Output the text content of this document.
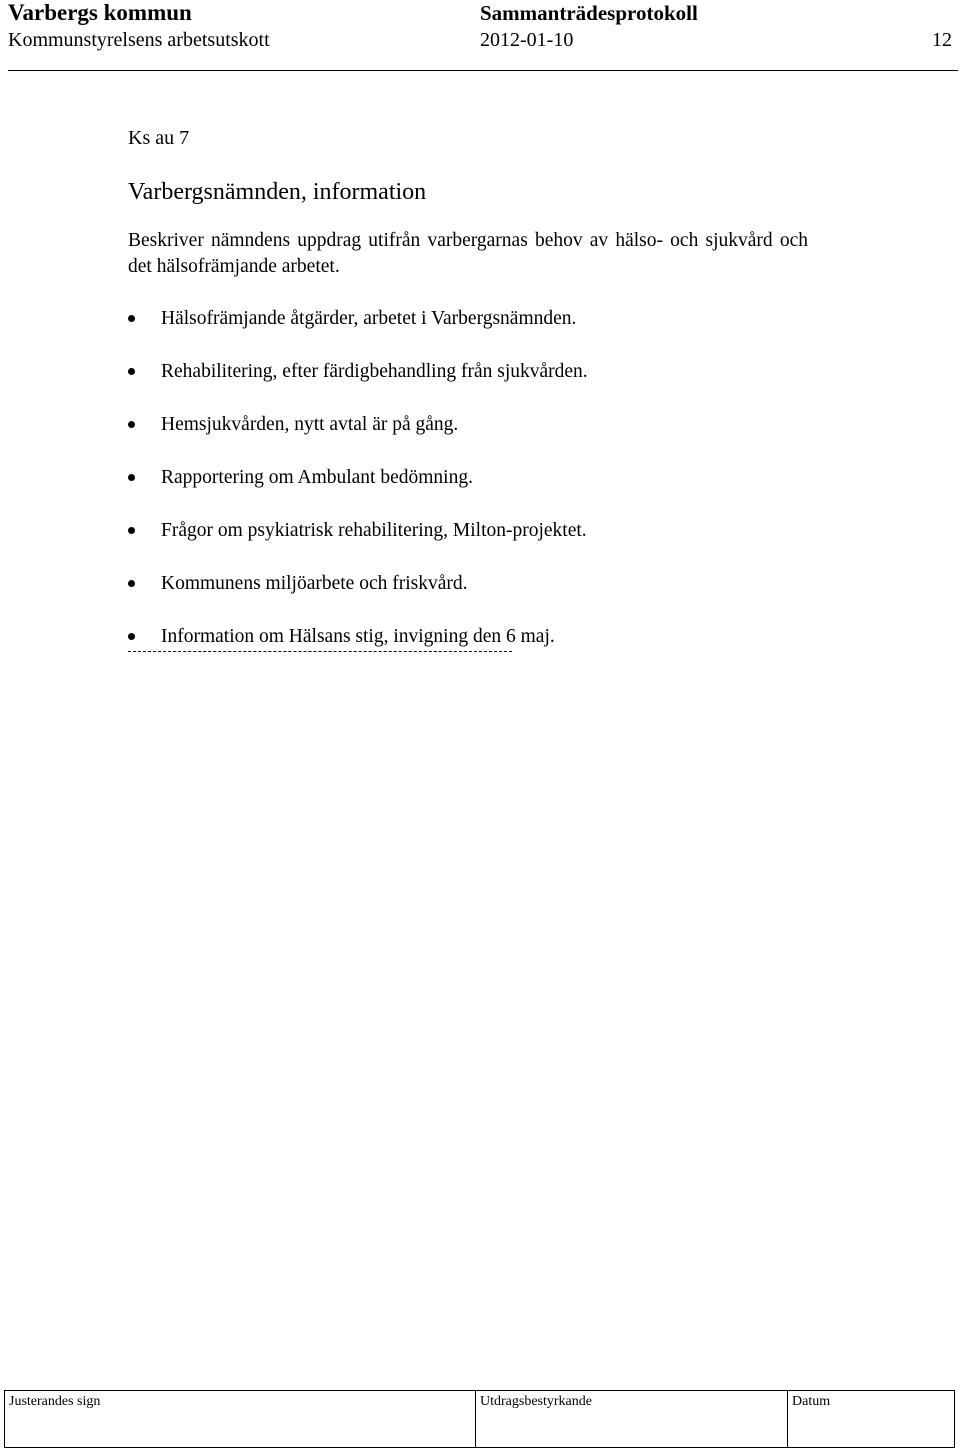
Varbergs kommun	Sammanträdesprotokoll
Kommunstyrelsens arbetsutskott	2012-01-10	12
Ks au 7
Varbergsnämnden, information
Beskriver nämndens uppdrag utifrån varbergarnas behov av hälso- och sjukvård och det hälsofrämjande arbetet.
Hälsofrämjande åtgärder, arbetet i Varbergsnämnden.
Rehabilitering, efter färdigbehandling från sjukvården.
Hemsjukvården, nytt avtal är på gång.
Rapportering om Ambulant bedömning.
Frågor om psykiatrisk rehabilitering, Milton-projektet.
Kommunens miljöarbete och friskvård.
Information om Hälsans stig, invigning den 6 maj.
Justerandes sign	Utdragsbestyrkande	Datum
